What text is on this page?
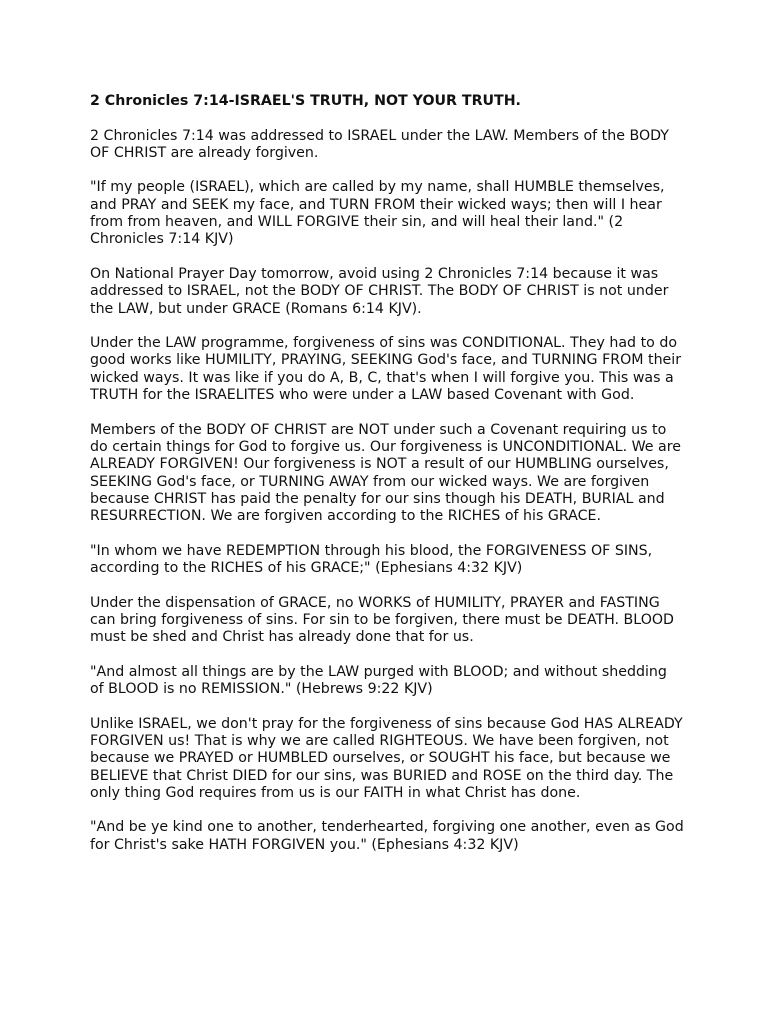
2 Chronicles 7:14-ISRAEL'S TRUTH, NOT YOUR TRUTH.

2 Chronicles 7:14 was addressed to ISRAEL under the LAW. Members of the BODY OF CHRIST are already forgiven.

"If my people (ISRAEL), which are called by my name, shall HUMBLE themselves, and PRAY and SEEK my face, and TURN FROM their wicked ways; then will I hear from from heaven, and WILL FORGIVE their sin, and will heal their land." (2 Chronicles 7:14 KJV)

On National Prayer Day tomorrow, avoid using 2 Chronicles 7:14 because it was addressed to ISRAEL, not the BODY OF CHRIST. The BODY OF CHRIST is not under the LAW, but under GRACE (Romans 6:14 KJV).

Under the LAW programme, forgiveness of sins was CONDITIONAL. They had to do good works like HUMILITY, PRAYING, SEEKING God's face, and TURNING FROM their wicked ways. It was like if you do A, B, C, that's when I will forgive you. This was a TRUTH for the ISRAELITES who were under a LAW based Covenant with God.

Members of the BODY OF CHRIST are NOT under such a Covenant requiring us to do certain things for God to forgive us. Our forgiveness is UNCONDITIONAL. We are ALREADY FORGIVEN! Our forgiveness is NOT a result of our HUMBLING ourselves, SEEKING God's face, or TURNING AWAY from our wicked ways. We are forgiven because CHRIST has paid the penalty for our sins though his DEATH, BURIAL and RESURRECTION. We are forgiven according to the RICHES of his GRACE.

"In whom we have REDEMPTION through his blood, the FORGIVENESS OF SINS, according to the RICHES of his GRACE;" (Ephesians 4:32 KJV)

Under the dispensation of GRACE, no WORKS of HUMILITY, PRAYER and FASTING can bring forgiveness of sins. For sin to be forgiven, there must be DEATH. BLOOD must be shed and Christ has already done that for us.

"And almost all things are by the LAW purged with BLOOD; and without shedding of BLOOD is no REMISSION." (Hebrews 9:22 KJV)

Unlike ISRAEL, we don't pray for the forgiveness of sins because God HAS ALREADY FORGIVEN us! That is why we are called RIGHTEOUS. We have been forgiven, not because we PRAYED or HUMBLED ourselves, or SOUGHT his face, but because we BELIEVE that Christ DIED for our sins, was BURIED and ROSE on the third day. The only thing God requires from us is our FAITH in what Christ has done.

"And be ye kind one to another, tenderhearted, forgiving one another, even as God for Christ's sake HATH FORGIVEN you." (Ephesians 4:32 KJV)
